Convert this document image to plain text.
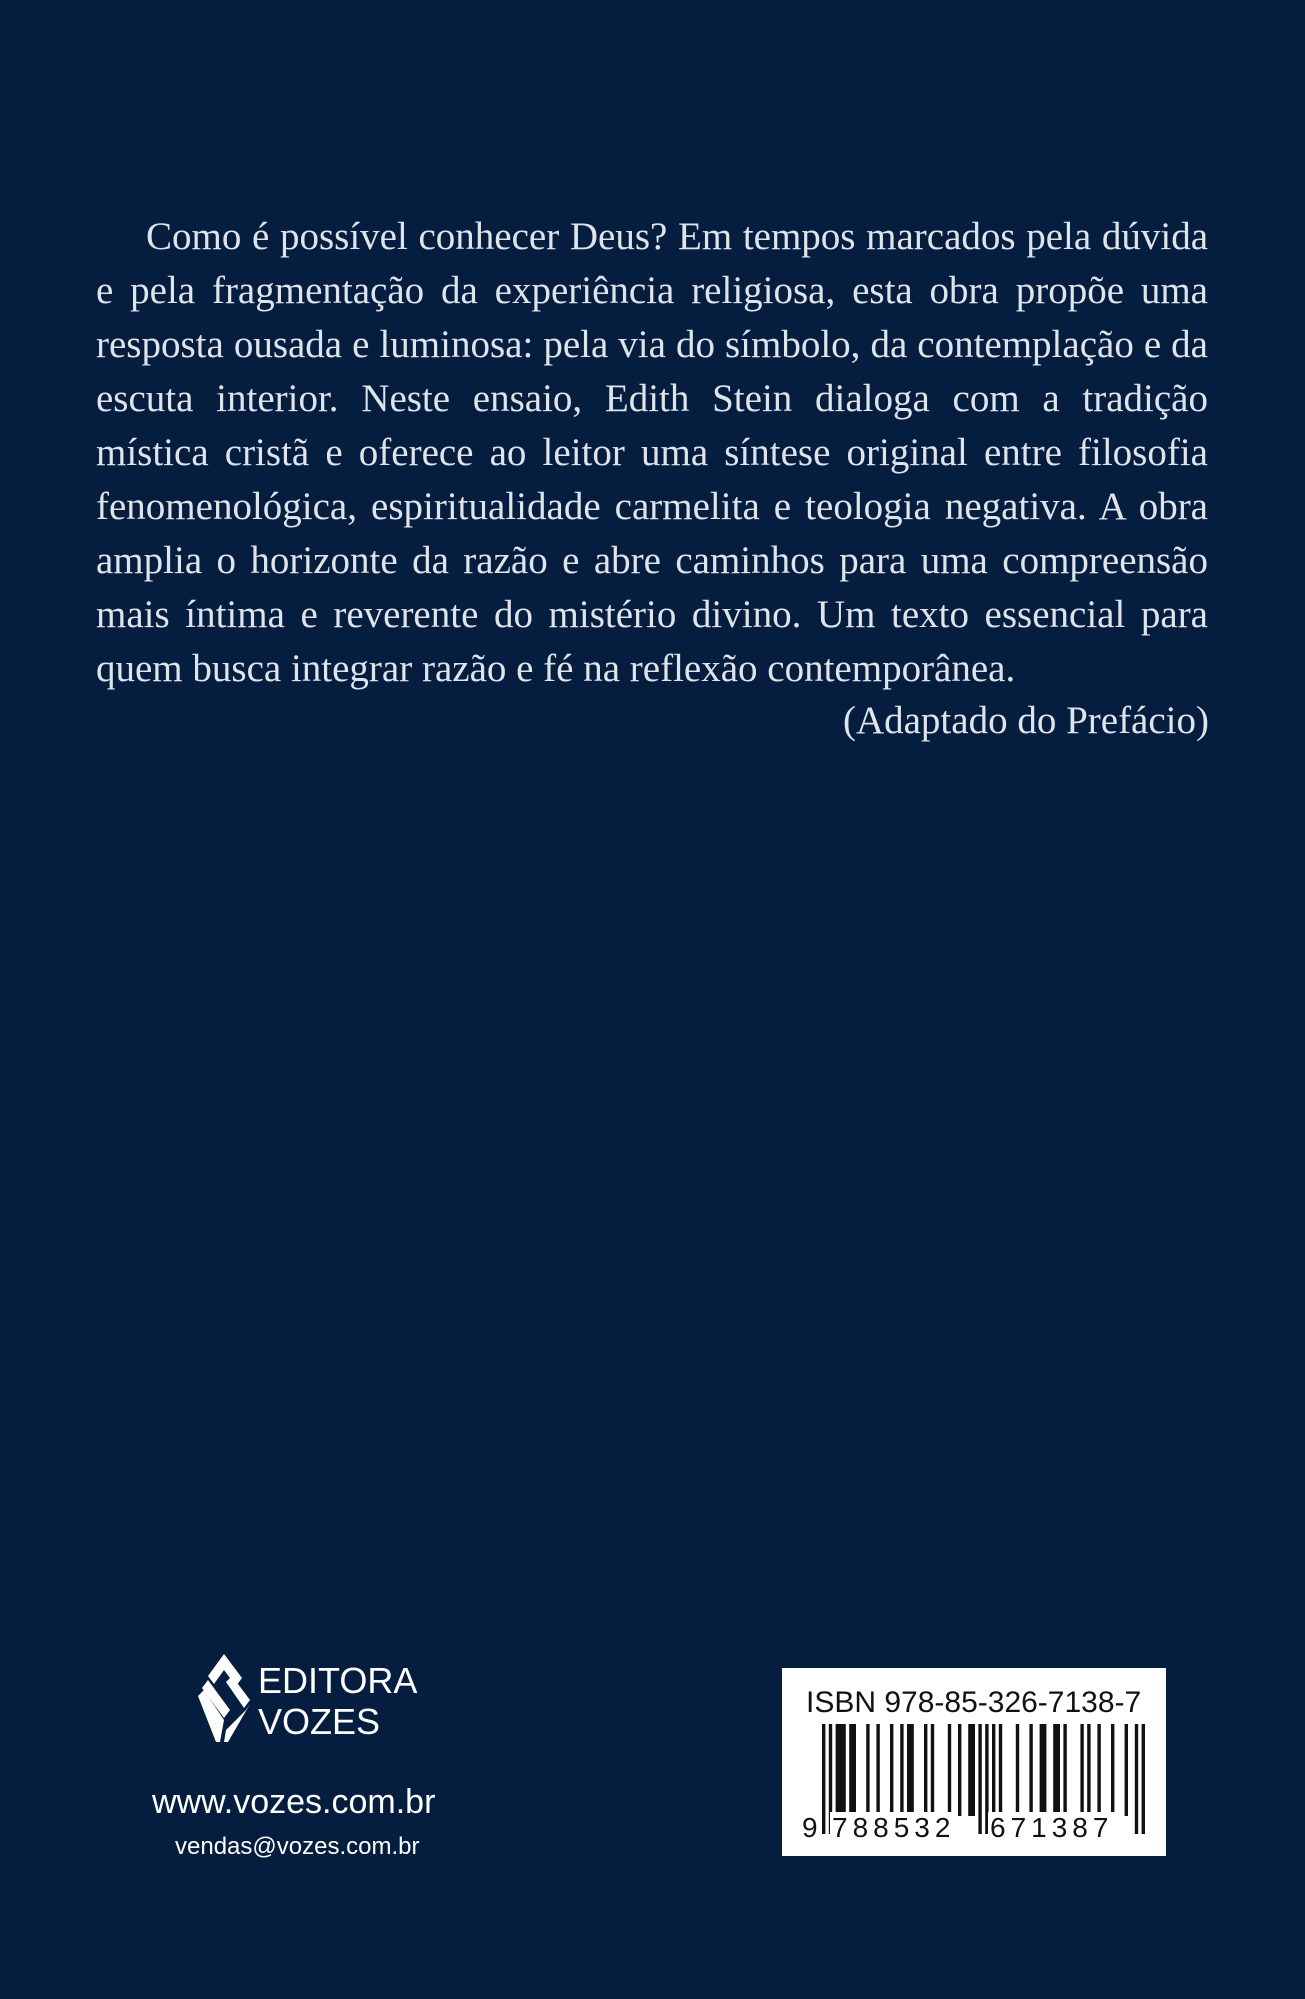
Como é possível conhecer Deus? Em tempos marcados pela dúvida e pela fragmentação da experiência religiosa, esta obra propõe uma resposta ousada e luminosa: pela via do símbolo, da contemplação e da escuta interior. Neste ensaio, Edith Stein dialoga com a tradição mística cristã e oferece ao leitor uma síntese original entre filosofia fenomenológica, espiritualidade carmelita e teologia negativa. A obra amplia o horizonte da razão e abre caminhos para uma compreensão mais íntima e reverente do mistério divino. Um texto essencial para quem busca integrar razão e fé na reflexão contemporânea.

(Adaptado do Prefácio)

EDITORA
VOZES
www.vozes.com.br
vendas@vozes.com.br
ISBN 978-85-326-7138-7
9 788532 671387
